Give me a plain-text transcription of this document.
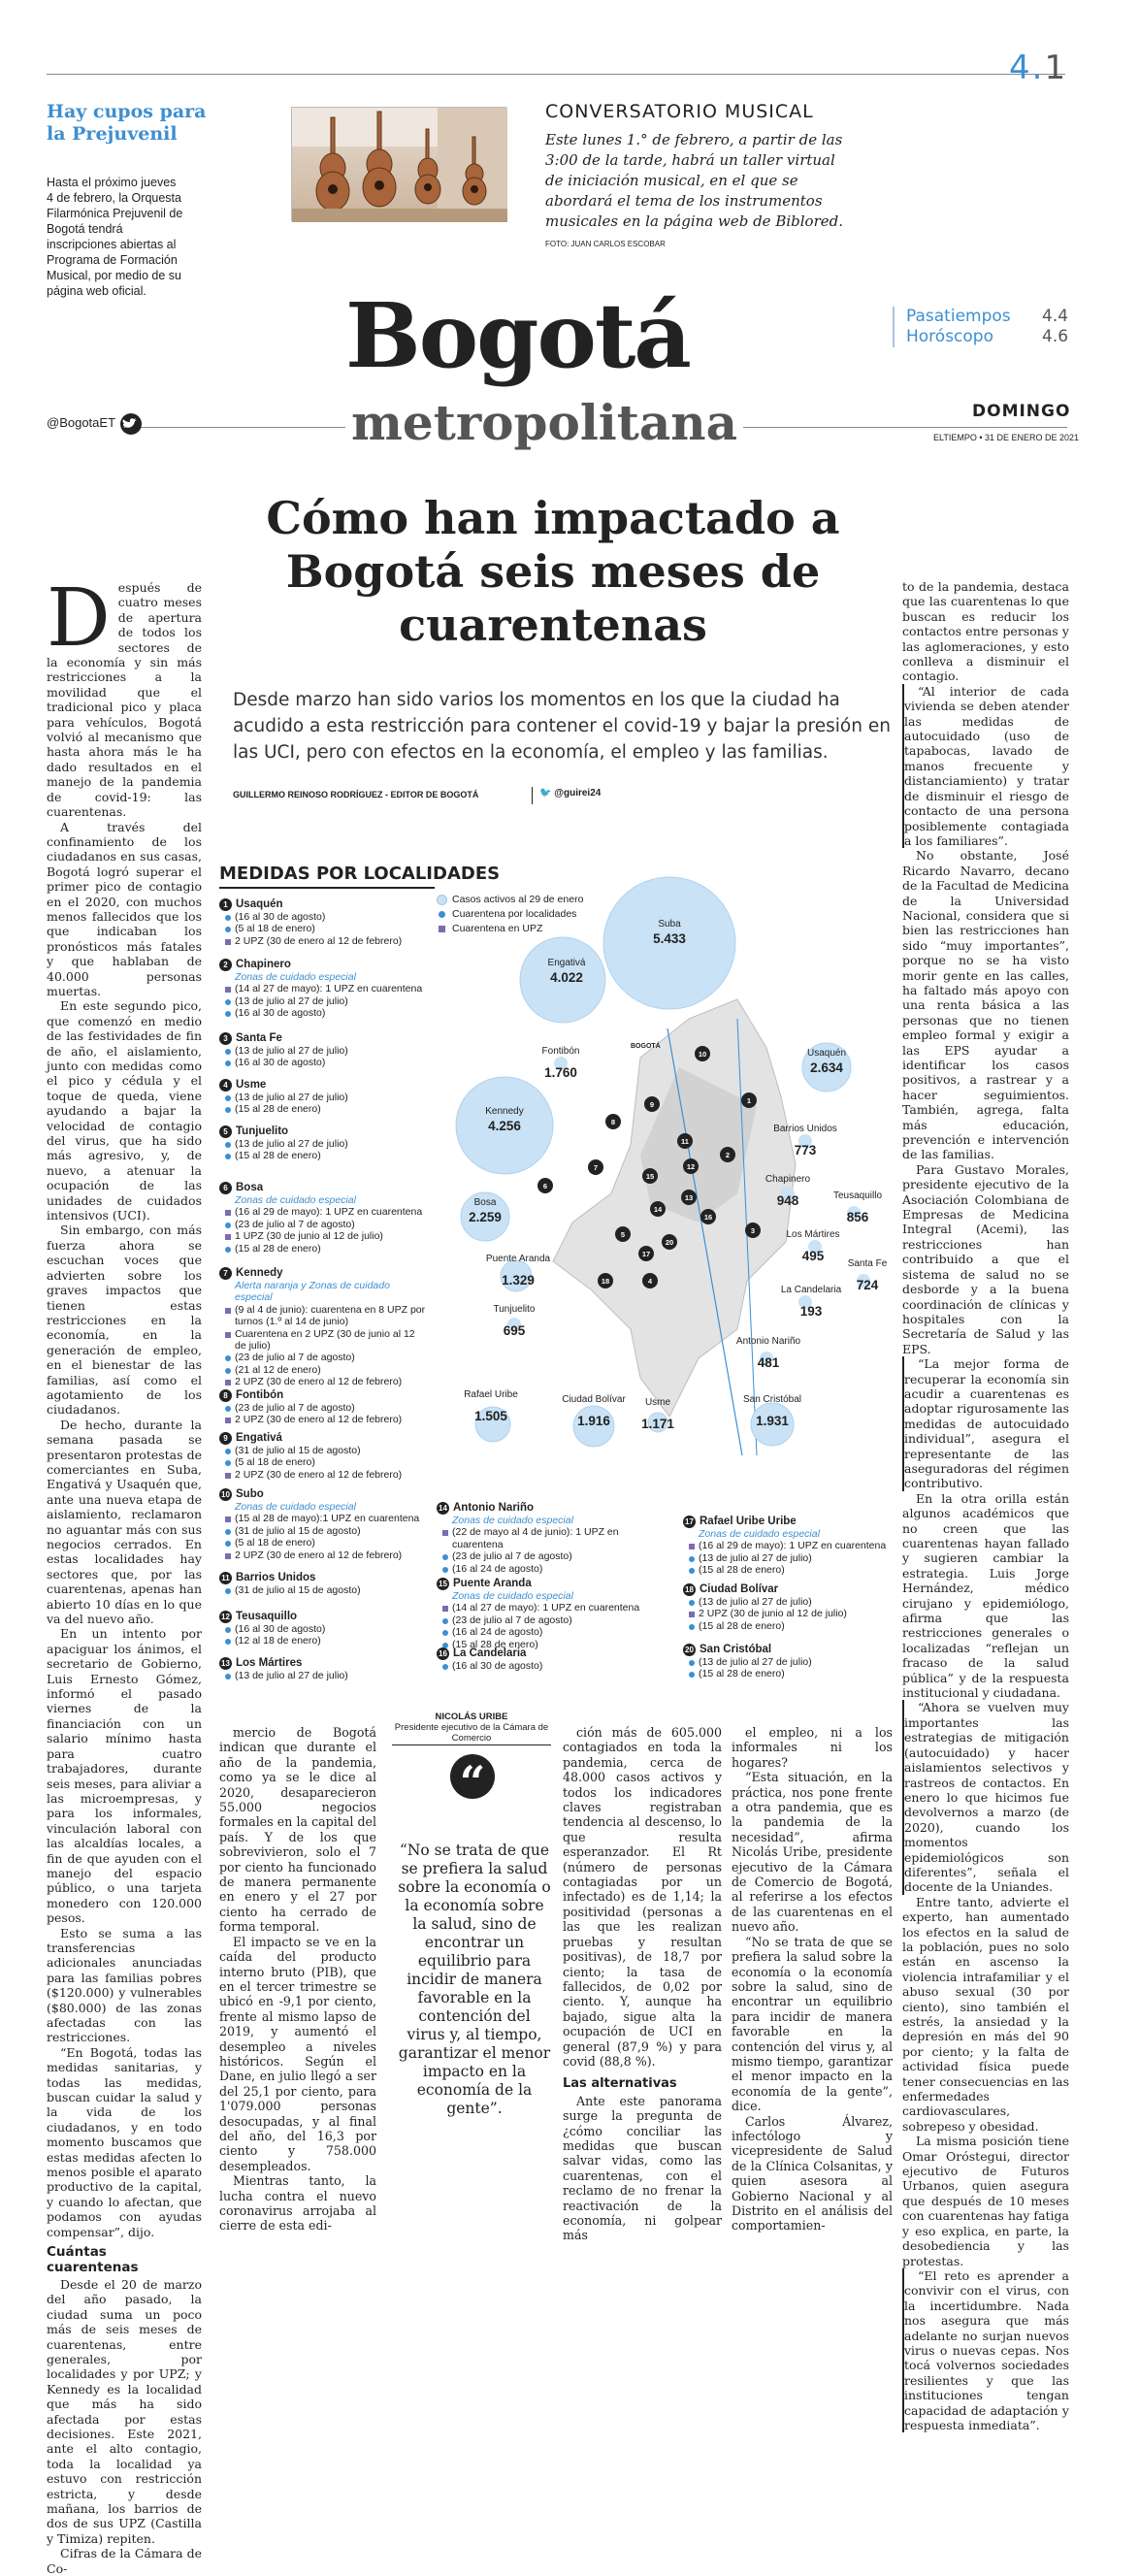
4.1
Hay cupos para la Prejuvenil
Hasta el próximo jueves 4 de febrero, la Orquesta Filarmónica Prejuvenil de Bogotá tendrá inscripciones abiertas al Programa de Formación Musical, por medio de su página web oficial.
CONVERSATORIO MUSICAL
Este lunes 1.° de febrero, a partir de las 3:00 de la tarde, habrá un taller virtual de iniciación musical, en el que se abordará el tema de los instrumentos musicales en la página web de Biblored. FOTO: JUAN CARLOS ESCOBAR
Bogotá
metropolitana
@BogotaET
Pasatiempos 4.4
Horóscopo	4.6
DOMINGO
ELTIEMPO • 31 DE ENERO DE 2021
Cómo han impactado a Bogotá seis meses de cuarentenas

Desde marzo han sido varios los momentos en los que la ciudad ha acudido a esta restricción para contener el covid-19 y bajar la presión en las UCI, pero con efectos en la economía, el empleo y las familias.

GUILLERMO REINOSO RODRÍGUEZ - EDITOR DE BOGOTÁ	🐦 @guirei24

Después de cuatro meses de apertura de todos los sectores de la economía y sin más restricciones a la movilidad que el tradicional pico y placa para vehículos, Bogotá volvió al mecanismo que hasta ahora más le ha dado resultados en el manejo de la pandemia de covid-19: las cuarentenas.

A través del confinamiento de los ciudadanos en sus casas, Bogotá logró superar el primer pico de contagio en el 2020, con muchos menos fallecidos que los que indicaban los pronósticos más fatales y que hablaban de 40.000 personas muertas.

En este segundo pico, que comenzó en medio de las festividades de fin de año, el aislamiento, junto con medidas como el pico y cédula y el toque de queda, viene ayudando a bajar la velocidad de contagio del virus, que ha sido más agresivo, y, de nuevo, a atenuar la ocupación de las unidades de cuidados intensivos (UCI).

Sin embargo, con más fuerza ahora se escuchan voces que advierten sobre los graves impactos que tienen estas restricciones en la economía, en la generación de empleo, en el bienestar de las familias, así como el agotamiento de los ciudadanos.

De hecho, durante la semana pasada se presentaron protestas de comerciantes en Suba, Engativá y Usaquén que, ante una nueva etapa de aislamiento, reclamaron no aguantar más con sus negocios cerrados. En estas localidades hay sectores que, por las cuarentenas, apenas han abierto 10 días en lo que va del nuevo año.

En un intento por apaciguar los ánimos, el secretario de Gobierno, Luis Ernesto Gómez, informó el pasado viernes de la financiación con un salario mínimo hasta para cuatro trabajadores, durante seis meses, para aliviar a las microempresas, y para los informales, vinculación laboral con las alcaldías locales, a fin de que ayuden con el manejo del espacio público, o una tarjeta monedero con 120.000 pesos.

Esto se suma a las transferencias adicionales anunciadas para las familias pobres ($120.000) y vulnerables ($80.000) de las zonas afectadas con las restricciones.

“En Bogotá, todas las medidas sanitarias, y todas las medidas, buscan cuidar la salud y la vida de los ciudadanos, y en todo momento buscamos que estas medidas afecten lo menos posible el aparato productivo de la capital, y cuando lo afectan, que podamos con ayudas compensar”, dijo.

Cuántas cuarentenas

Desde el 20 de marzo del año pasado, la ciudad suma un poco más de seis meses de cuarentenas, entre generales, por localidades y por UPZ; y Kennedy es la localidad que más ha sido afectada por estas decisiones. Este 2021, ante el alto contagio, toda la localidad ya estuvo con restricción estricta, y desde mañana, los barrios de dos de sus UPZ (Castilla y Timiza) repiten.

Cifras de la Cámara de Co-

MEDIDAS POR LOCALIDADES
1 Usaquén
(16 al 30 de agosto)
(5 al 18 de enero)
2 UPZ (30 de enero al 12 de febrero)
2 Chapinero
Zonas de cuidado especial
(14 al 27 de mayo): 1 UPZ en cuarentena
(13 de julio al 27 de julio)
(16 al 30 de agosto)
3 Santa Fe
(13 de julio al 27 de julio)
(16 al 30 de agosto)
4 Usme
(13 de julio al 27 de julio)
(15 al 28 de enero)
5 Tunjuelito
(13 de julio al 27 de julio)
(15 al 28 de enero)
6 Bosa
Zonas de cuidado especial
(16 al 29 de mayo): 1 UPZ en cuarentena
(23 de julio al 7 de agosto)
1 UPZ (30 de junio al 12 de julio)
(15 al 28 de enero)
7 Kennedy
Alerta naranja y Zonas de cuidado especial
(9 al 4 de junio): cuarentena en 8 UPZ por turnos (1.º al 14 de junio)
Cuarentena en 2 UPZ (30 de junio al 12 de julio)
(23 de julio al 7 de agosto)
(21 al 12 de enero)
2 UPZ (30 de enero al 12 de febrero)
8 Fontibón
(23 de julio al 7 de agosto)
2 UPZ (30 de enero al 12 de febrero)
9 Engativá
(31 de julio al 15 de agosto)
(5 al 18 de enero)
2 UPZ (30 de enero al 12 de febrero)
10 Subo
Zonas de cuidado especial
(15 al 28 de mayo):1 UPZ en cuarentena
(31 de julio al 15 de agosto)
(5 al 18 de enero)
2 UPZ (30 de enero al 12 de febrero)
11 Barrios Unidos
(31 de julio al 15 de agosto)
12 Teusaquillo
(16 al 30 de agosto)
(12 al 18 de enero)
13 Los Mártires
(13 de julio al 27 de julio)
14 Antonio Nariño
Zonas de cuidado especial
(22 de mayo al 4 de junio): 1 UPZ en cuarentena
(23 de julio al 7 de agosto)
(16 al 24 de agosto)
15 Puente Aranda
Zonas de cuidado especial
(14 al 27 de mayo): 1 UPZ en cuarentena
(23 de julio al 7 de agosto)
(16 al 24 de agosto)
(15 al 28 de enero)
16 La Candelaria
(16 al 30 de agosto)
17 Rafael Uribe Uribe
Zonas de cuidado especial
(16 al 29 de mayo): 1 UPZ en cuarentena
(13 de julio al 27 de julio)
(15 al 28 de enero)
18 Ciudad Bolívar
(13 de julio al 27 de julio)
2 UPZ (30 de junio al 12 de julio)
(15 al 28 de enero)
20 San Cristóbal
(13 de julio al 27 de julio)
(15 al 28 de enero)
Casos activos al 29 de enero
Cuarentena por localidades
Cuarentena en UPZ
BOGOTÁ
Suba
5.433
Engativá
4.022
Kennedy
4.256
Usaquén
2.634
Bosa
2.259
Fontibón
1.760
Barrios Unidos
773
Chapinero
948	Teusaquillo
856
Los Mártires
495
Santa Fe
724
La Candelaria
193
Puente Aranda
1.329
Tunjuelito
695
Antonio Nariño
481
Rafael Uribe
1.505
Ciudad Bolívar
1.916
Usme
1.171
San Cristóbal
1.931
1
2
3
4
5
6
7
8
9
10
11
12
13
14
15
16
17
18
20

mercio de Bogotá indican que durante el año de la pandemia, como ya se le dice al 2020, desaparecieron 55.000 negocios formales en la capital del país. Y de los que sobrevivieron, solo el 7 por ciento ha funcionado de manera permanente en enero y el 27 por ciento ha cerrado de forma temporal.

El impacto se ve en la caída del producto interno bruto (PIB), que en el tercer trimestre se ubicó en -9,1 por ciento, frente al mismo lapso de 2019, y aumentó el desempleo a niveles históricos. Según el Dane, en julio llegó a ser del 25,1 por ciento, para 1'079.000 personas desocupadas, y al final del año, del 16,3 por ciento y 758.000 desempleados.

Mientras tanto, la lucha contra el nuevo coronavirus arrojaba al cierre de esta edi-

NICOLÁS URIBE
Presidente ejecutivo de la Cámara de Comercio
“
“No se trata de que se prefiera la salud sobre la economía o la economía sobre la salud, sino de encontrar un equilibrio para incidir de manera favorable en la contención del virus y, al tiempo, garantizar el menor impacto en la economía de la gente”.

ción más de 605.000 contagiados en toda la pandemia, cerca de 48.000 casos activos y todos los indicadores claves registraban tendencia al descenso, lo que resulta esperanzador. El Rt (número de personas contagiadas por un infectado) es de 1,14; la positividad (personas a las que les realizan pruebas y resultan positivas), de 18,7 por ciento; la tasa de fallecidos, de 0,02 por ciento. Y, aunque ha bajado, sigue alta la ocupación de UCI en general (87,9 %) y para covid (88,8 %).

Las alternativas

Ante este panorama surge la pregunta de ¿cómo conciliar las medidas que buscan salvar vidas, como las cuarentenas, con el reclamo de no frenar la reactivación de la economía, ni golpear más

el empleo, ni a los informales ni los hogares?

“Esta situación, en la práctica, nos pone frente a otra pandemia, que es la pandemia de la necesidad”, afirma Nicolás Uribe, presidente ejecutivo de la Cámara de Comercio de Bogotá, al referirse a los efectos de las cuarentenas en el nuevo año.

“No se trata de que se prefiera la salud sobre la economía o la economía sobre la salud, sino de encontrar un equilibrio para incidir de manera favorable en la contención del virus y, al mismo tiempo, garantizar el menor impacto en la economía de la gente”, dice.

Carlos Álvarez, infectólogo y vicepresidente de Salud de la Clínica Colsanitas, y quien asesora al Gobierno Nacional y al Distrito en el análisis del comportamien-

to de la pandemia, destaca que las cuarentenas lo que buscan es reducir los contactos entre personas y las aglomeraciones, y esto conlleva a disminuir el contagio.

“Al interior de cada vivienda se deben atender las medidas de autocuidado (uso de tapabocas, lavado de manos frecuente y distanciamiento) y tratar de disminuir el riesgo de contacto de una persona posiblemente contagiada a los familiares”.

No obstante, José Ricardo Navarro, decano de la Facultad de Medicina de la Universidad Nacional, considera que si bien las restricciones han sido “muy importantes”, porque no se ha visto morir gente en las calles, ha faltado más apoyo con una renta básica a las personas que no tienen empleo formal y exigir a las EPS ayudar a identificar los casos positivos, a rastrear y a hacer seguimientos. También, agrega, falta más educación, prevención e intervención de las familias.

Para Gustavo Morales, presidente ejecutivo de la Asociación Colombiana de Empresas de Medicina Integral (Acemi), las restricciones han contribuido a que el sistema de salud no se desborde y a la buena coordinación de clínicas y hospitales con la Secretaría de Salud y las EPS.

“La mejor forma de recuperar la economía sin acudir a cuarentenas es adoptar rigurosamente las medidas de autocuidado individual”, asegura el representante de las aseguradoras del régimen contributivo.

En la otra orilla están algunos académicos que no creen que las cuarentenas hayan fallado y sugieren cambiar la estrategia. Luis Jorge Hernández, médico cirujano y epidemiólogo, afirma que las restricciones generales o localizadas “reflejan un fracaso de la salud pública” y de la respuesta institucional y ciudadana.

“Ahora se vuelven muy importantes las estrategias de mitigación (autocuidado) y hacer aislamientos selectivos y rastreos de contactos. En enero lo que hicimos fue devolvernos a marzo (de 2020), cuando los momentos epidemiológicos son diferentes”, señala el docente de la Uniandes.

Entre tanto, advierte el experto, han aumentado los efectos en la salud de la población, pues no solo están en ascenso la violencia intrafamiliar y el abuso sexual (30 por ciento), sino también el estrés, la ansiedad y la depresión en más del 90 por ciento; y la falta de actividad física puede tener consecuencias en las enfermedades cardiovasculares, sobrepeso y obesidad.

La misma posición tiene Omar Oróstegui, director ejecutivo de Futuros Urbanos, quien asegura que después de 10 meses con cuarentenas hay fatiga y eso explica, en parte, la desobediencia y las protestas.

“El reto es aprender a convivir con el virus, con la incertidumbre. Nada nos asegura que más adelante no surjan nuevos virus o nuevas cepas. Nos tocá volvernos sociedades resilientes y que las instituciones tengan capacidad de adaptación y respuesta inmediata”.
